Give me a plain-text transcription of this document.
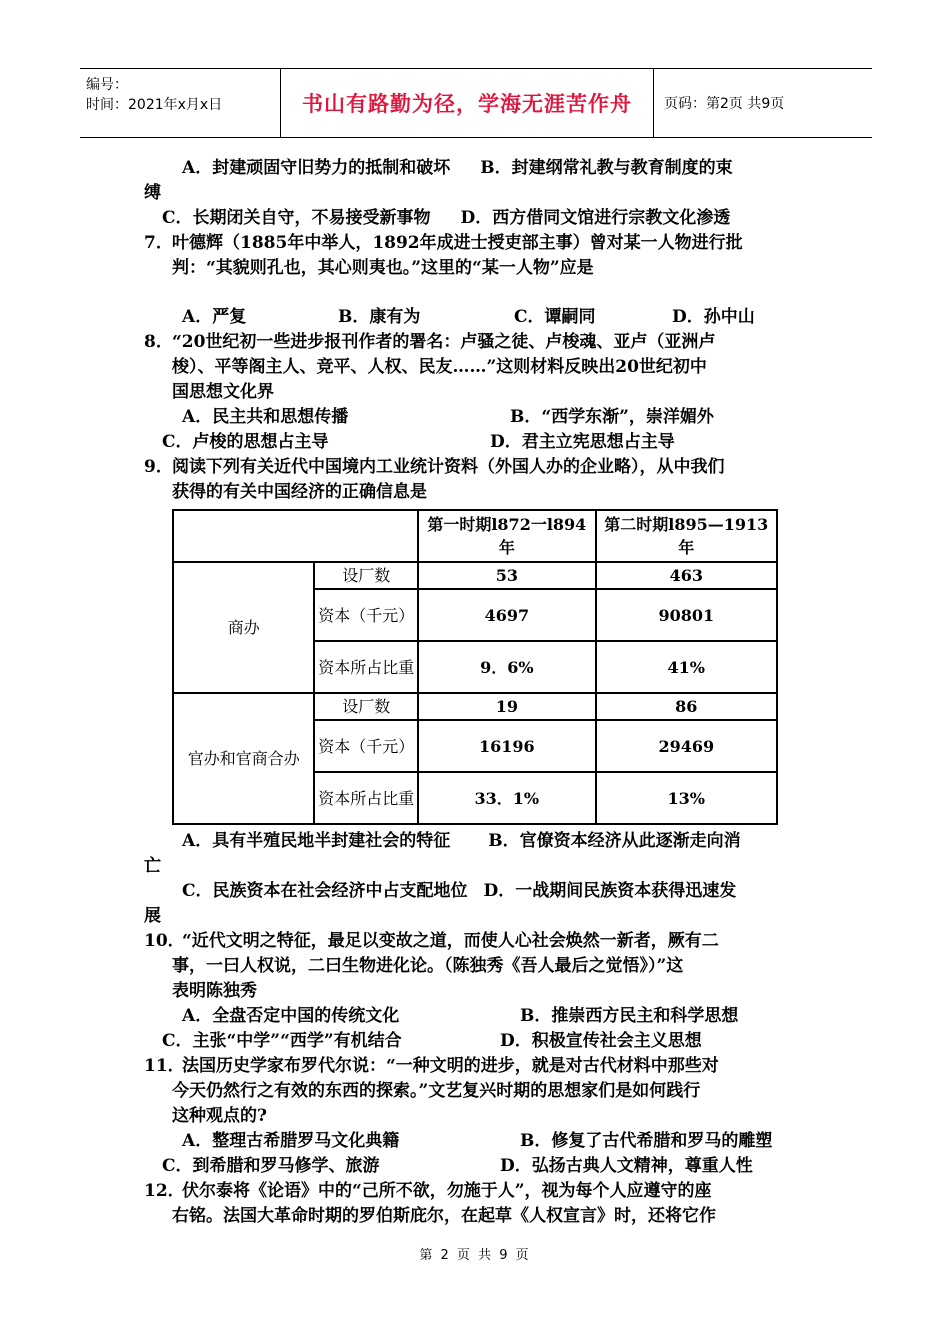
编号：
时间：2021年x月x日	书山有路勤为径，学海无涯苦作舟	页码：第2页 共9页
A．封建顽固守旧势力的抵制和破坏 B．封建纲常礼教与教育制度的束
缚
C．长期闭关自守，不易接受新事物 D．西方借同文馆进行宗教文化渗透
7．叶德辉（1885年中举人，1892年成进士授吏部主事）曾对某一人物进行批
判：“其貌则孔也，其心则夷也。”这里的“某一人物”应是
A．严复	B．康有为	C．谭嗣同	D．孙中山
8．“20世纪初一些进步报刊作者的署名：卢骚之徒、卢梭魂、亚卢（亚洲卢
梭）、平等阁主人、竞平、人权、民友……”这则材料反映出20世纪初中
国思想文化界
A．民主共和思想传播	B．“西学东渐”，崇洋媚外
C．卢梭的思想占主导	D．君主立宪思想占主导
9．阅读下列有关近代中国境内工业统计资料（外国人办的企业略），从中我们
获得的有关中国经济的正确信息是
		第一时期l872一l894年	第二时期l895—1913年
商办	设厂数	53	463
	资本（千元）	4697	90801
	资本所占比重	9．6%	41%
官办和官商合办	设厂数	19	86
	资本（千元）	16196	29469
	资本所占比重	33．1%	13%
A．具有半殖民地半封建社会的特征 B．官僚资本经济从此逐渐走向消
亡
C．民族资本在社会经济中占支配地位 D．一战期间民族资本获得迅速发
展
10．“近代文明之特征，最足以变故之道，而使人心社会焕然一新者，厥有二
事，一曰人权说，二曰生物进化论。（陈独秀《吾人最后之觉悟》）”这
表明陈独秀
A．全盘否定中国的传统文化	B．推崇西方民主和科学思想
C．主张“中学”“西学”有机结合	D．积极宣传社会主义思想
11．法国历史学家布罗代尔说：“一种文明的进步，就是对古代材料中那些对
今天仍然行之有效的东西的探索。”文艺复兴时期的思想家们是如何践行
这种观点的?
A．整理古希腊罗马文化典籍	B．修复了古代希腊和罗马的雕塑
C．到希腊和罗马修学、旅游	D．弘扬古典人文精神，尊重人性
12．伏尔泰将《论语》中的“己所不欲，勿施于人”，视为每个人应遵守的座
右铭。法国大革命时期的罗伯斯庇尔，在起草《人权宣言》时，还将它作
第 2 页 共 9 页
